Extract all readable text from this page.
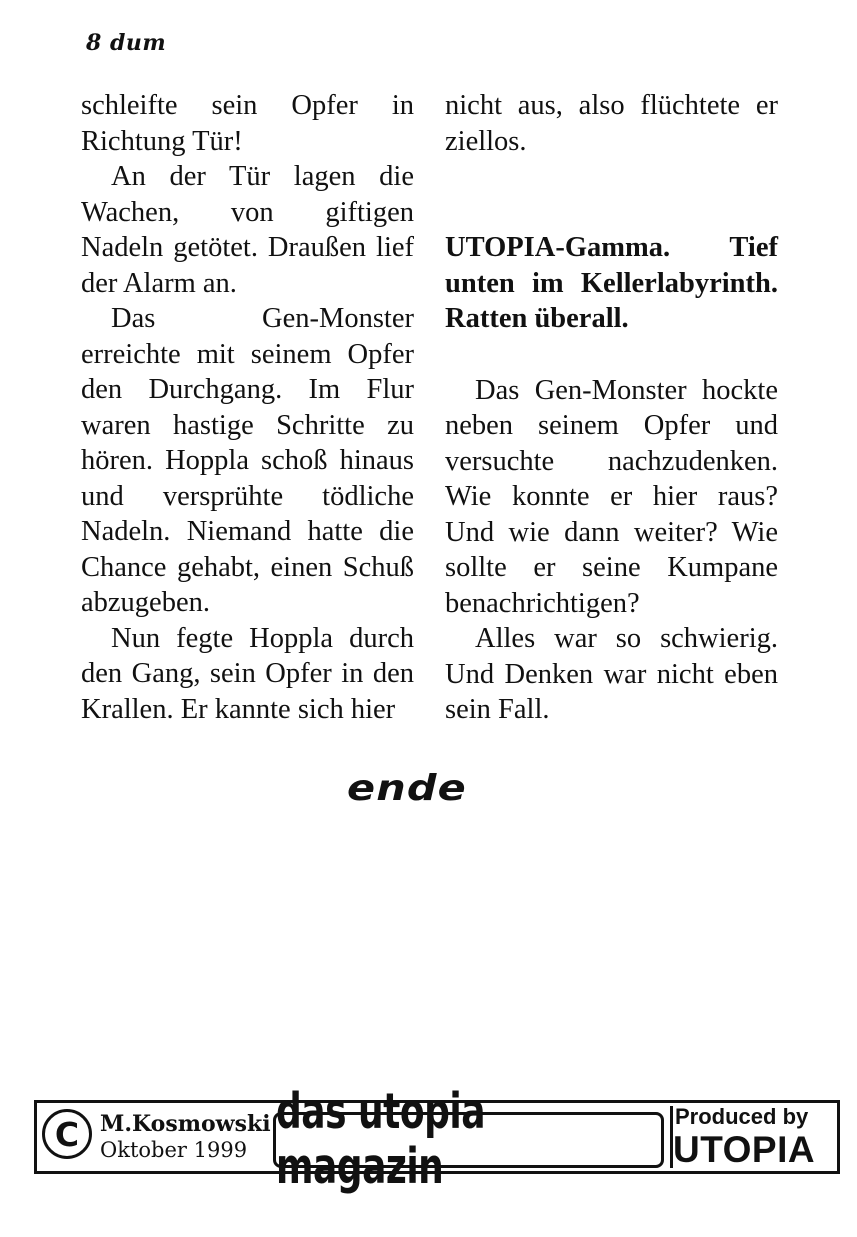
8 dum

schleifte sein Opfer in Richtung Tür!

An der Tür lagen die Wachen, von giftigen Nadeln getötet. Draußen lief der Alarm an.

Das Gen-Monster erreichte mit seinem Opfer den Durchgang. Im Flur waren hastige Schritte zu hören. Hoppla schoß hinaus und versprühte tödliche Nadeln. Niemand hatte die Chance gehabt, einen Schuß abzugeben.

Nun fegte Hoppla durch den Gang, sein Opfer in den Krallen. Er kannte sich hier

nicht aus, also flüchtete er ziellos.

UTOPIA-Gamma. Tief unten im Kellerlabyrinth. Ratten überall.

Das Gen-Monster hockte neben seinem Opfer und versuchte nachzudenken. Wie konnte er hier raus? Und wie dann weiter? Wie sollte er seine Kumpane benachrichtigen?

Alles war so schwierig. Und Denken war nicht eben sein Fall.

ende
C M.Kosmowski
Oktober 1999
das utopia magazin
Produced by
UTOPIA
